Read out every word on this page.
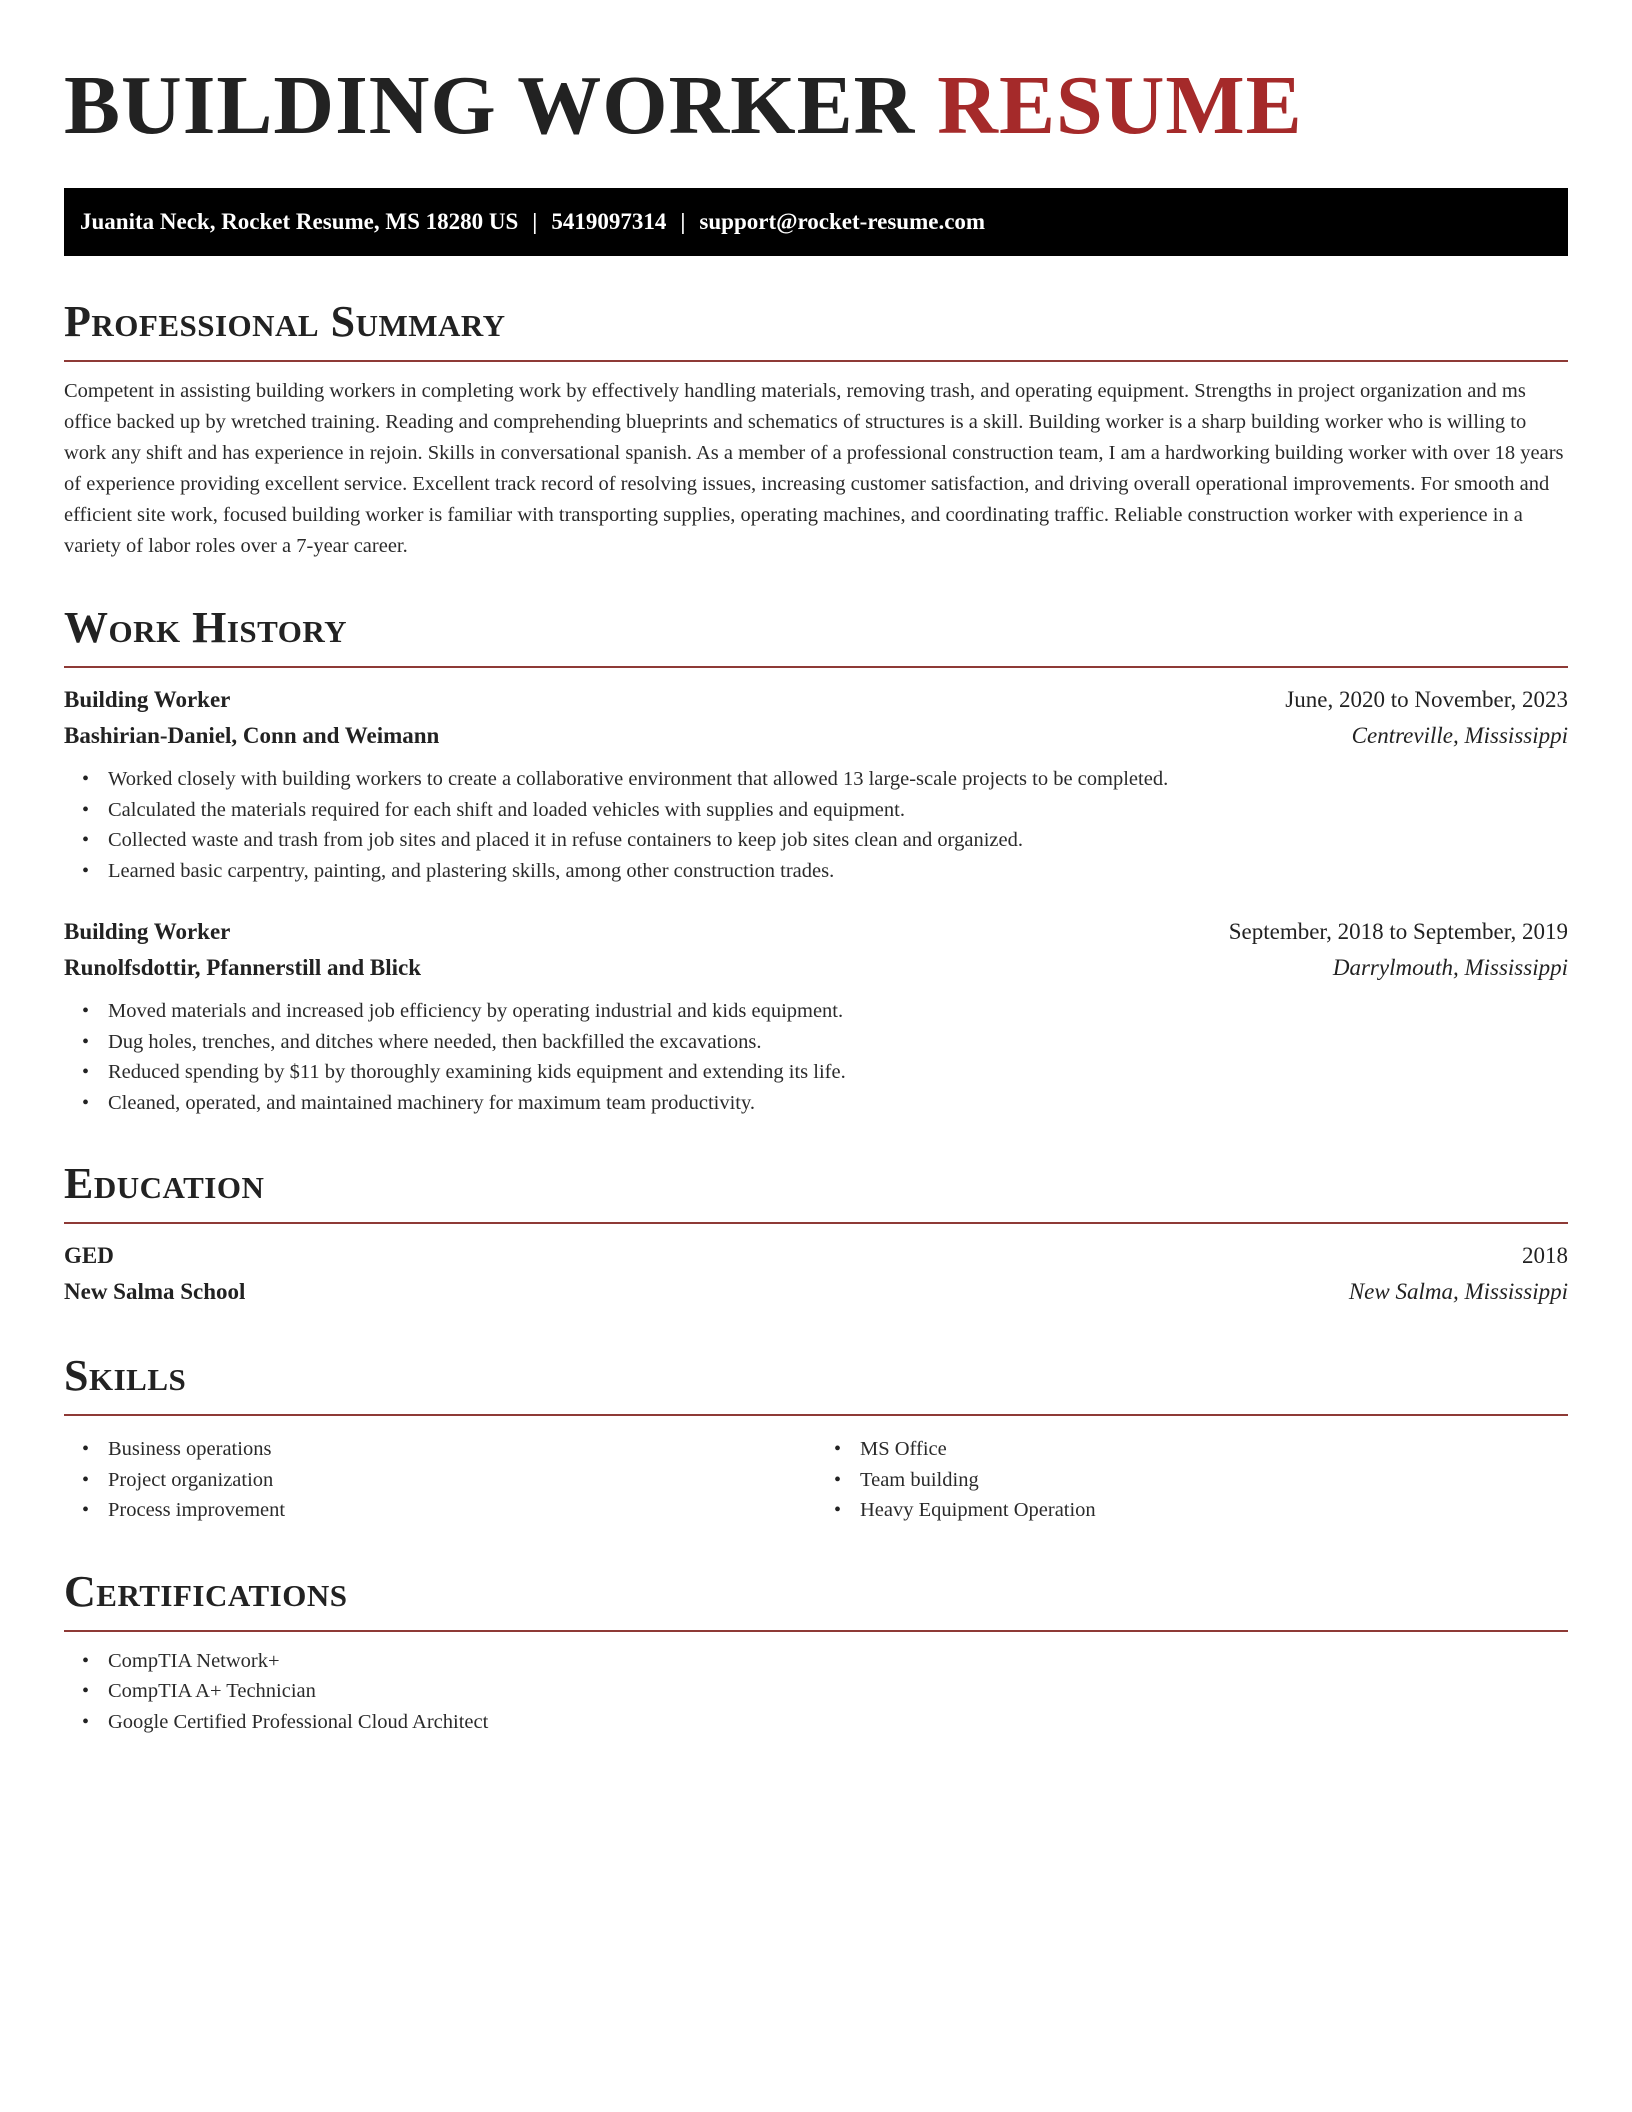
BUILDING WORKER RESUME
Juanita Neck, Rocket Resume, MS 18280 US | 5419097314 | support@rocket-resume.com
Professional Summary

Competent in assisting building workers in completing work by effectively handling materials, removing trash, and operating equipment. Strengths in project organization and ms office backed up by wretched training. Reading and comprehending blueprints and schematics of structures is a skill. Building worker is a sharp building worker who is willing to work any shift and has experience in rejoin. Skills in conversational spanish. As a member of a professional construction team, I am a hardworking building worker with over 18 years of experience providing excellent service. Excellent track record of resolving issues, increasing customer satisfaction, and driving overall operational improvements. For smooth and efficient site work, focused building worker is familiar with transporting supplies, operating machines, and coordinating traffic. Reliable construction worker with experience in a variety of labor roles over a 7-year career.

Work History
Building Worker	June, 2020 to November, 2023
Bashirian-Daniel, Conn and Weimann	Centreville, Mississippi
• Worked closely with building workers to create a collaborative environment that allowed 13 large-scale projects to be completed.
• Calculated the materials required for each shift and loaded vehicles with supplies and equipment.
• Collected waste and trash from job sites and placed it in refuse containers to keep job sites clean and organized.
• Learned basic carpentry, painting, and plastering skills, among other construction trades.
Building Worker	September, 2018 to September, 2019
Runolfsdottir, Pfannerstill and Blick	Darrylmouth, Mississippi
• Moved materials and increased job efficiency by operating industrial and kids equipment.
• Dug holes, trenches, and ditches where needed, then backfilled the excavations.
• Reduced spending by $11 by thoroughly examining kids equipment and extending its life.
• Cleaned, operated, and maintained machinery for maximum team productivity.
Education
GED	2018
New Salma School	New Salma, Mississippi
Skills
• Business operations
• Project organization
• Process improvement
• MS Office
• Team building
• Heavy Equipment Operation
Certifications
• CompTIA Network+
• CompTIA A+ Technician
• Google Certified Professional Cloud Architect
